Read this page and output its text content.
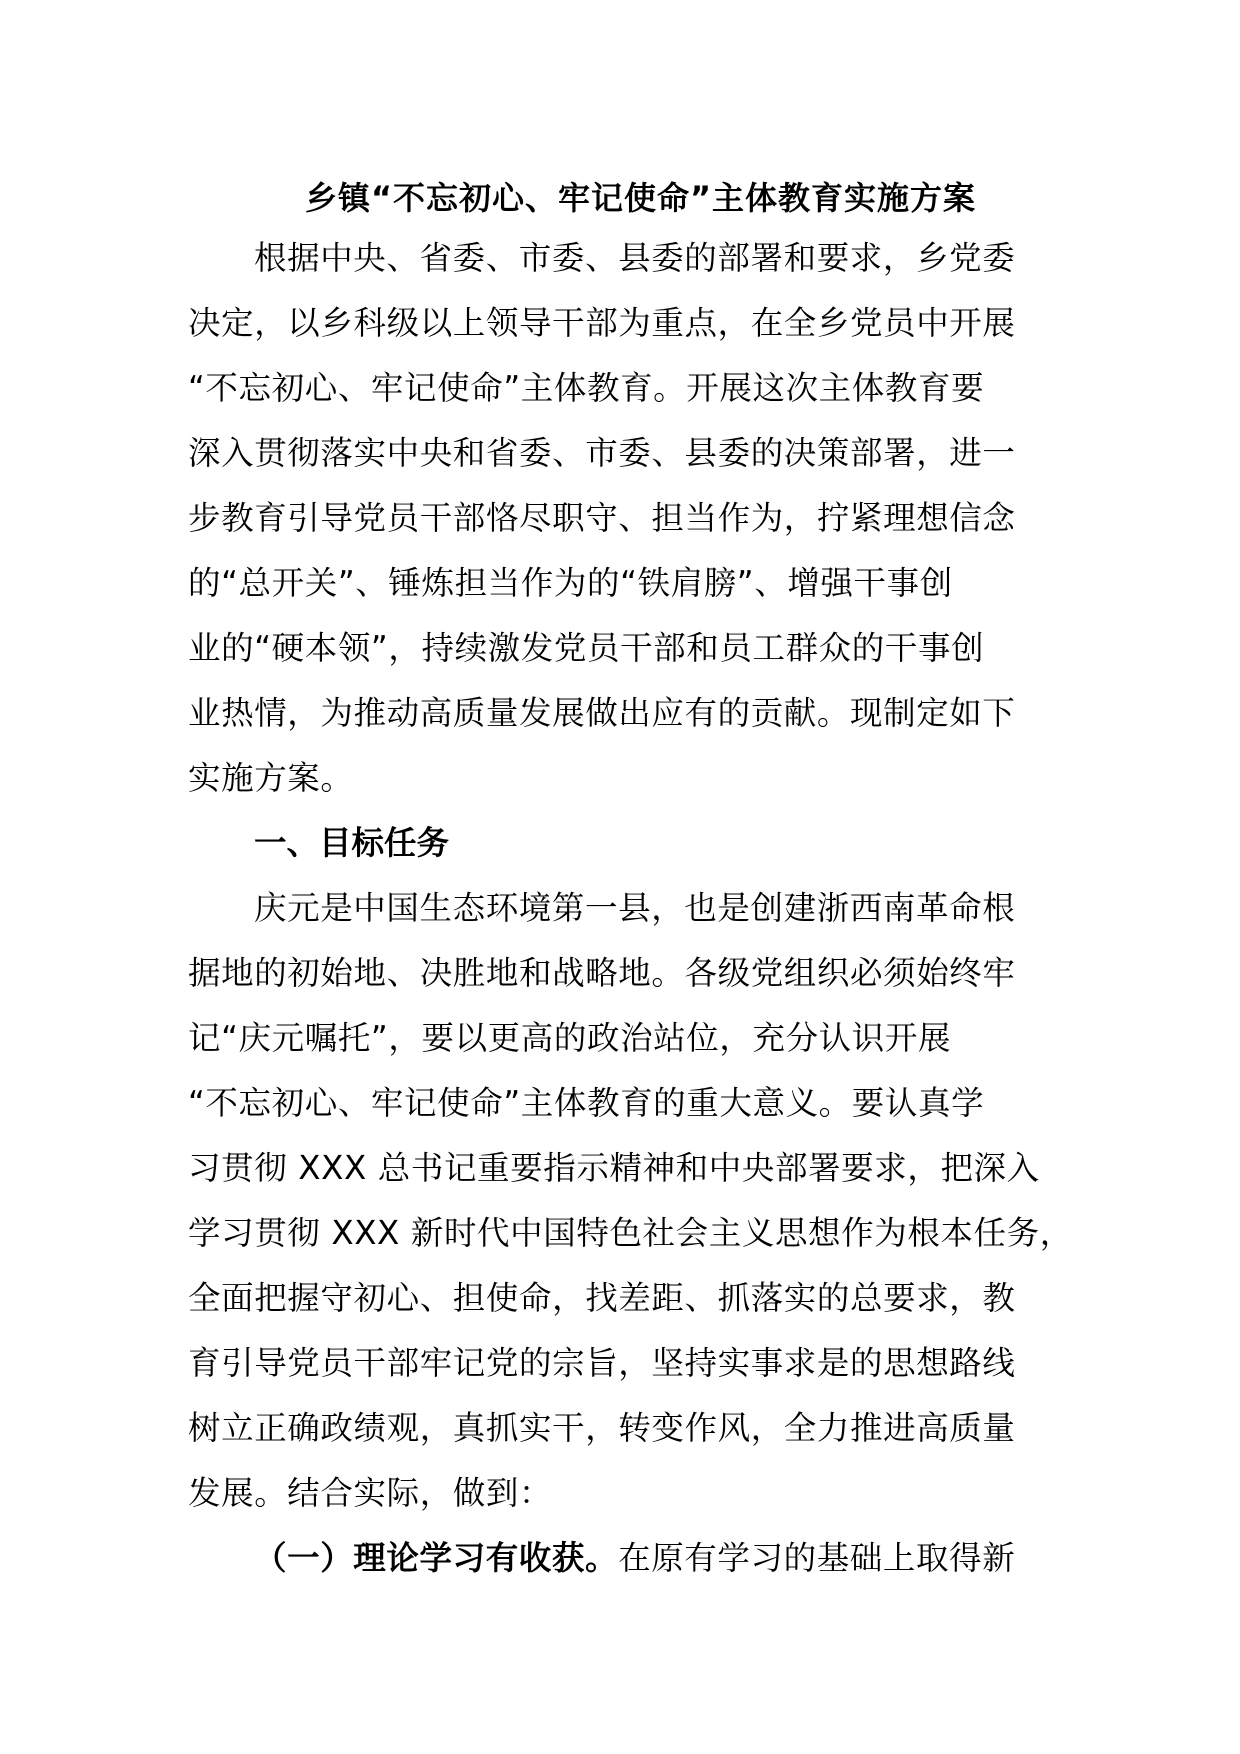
乡镇“不忘初心、牢记使命”主体教育实施方案
根据中央、省委、市委、县委的部署和要求，乡党委
决定，以乡科级以上领导干部为重点，在全乡党员中开展
“不忘初心、牢记使命”主体教育。开展这次主体教育要
深入贯彻落实中央和省委、市委、县委的决策部署，进一
步教育引导党员干部恪尽职守、担当作为，拧紧理想信念
的“总开关”、锤炼担当作为的“铁肩膀”、增强干事创
业的“硬本领”，持续激发党员干部和员工群众的干事创
业热情，为推动高质量发展做出应有的贡献。现制定如下
实施方案。
一、目标任务
庆元是中国生态环境第一县，也是创建浙西南革命根
据地的初始地、决胜地和战略地。各级党组织必须始终牢
记“庆元嘱托”，要以更高的政治站位，充分认识开展
“不忘初心、牢记使命”主体教育的重大意义。要认真学
习贯彻 XXX 总书记重要指示精神和中央部署要求，把深入
学习贯彻 XXX 新时代中国特色社会主义思想作为根本任务，
全面把握守初心、担使命，找差距、抓落实的总要求，教
育引导党员干部牢记党的宗旨，坚持实事求是的思想路线
树立正确政绩观，真抓实干，转变作风，全力推进高质量
发展。结合实际，做到：
（一）理论学习有收获。在原有学习的基础上取得新
